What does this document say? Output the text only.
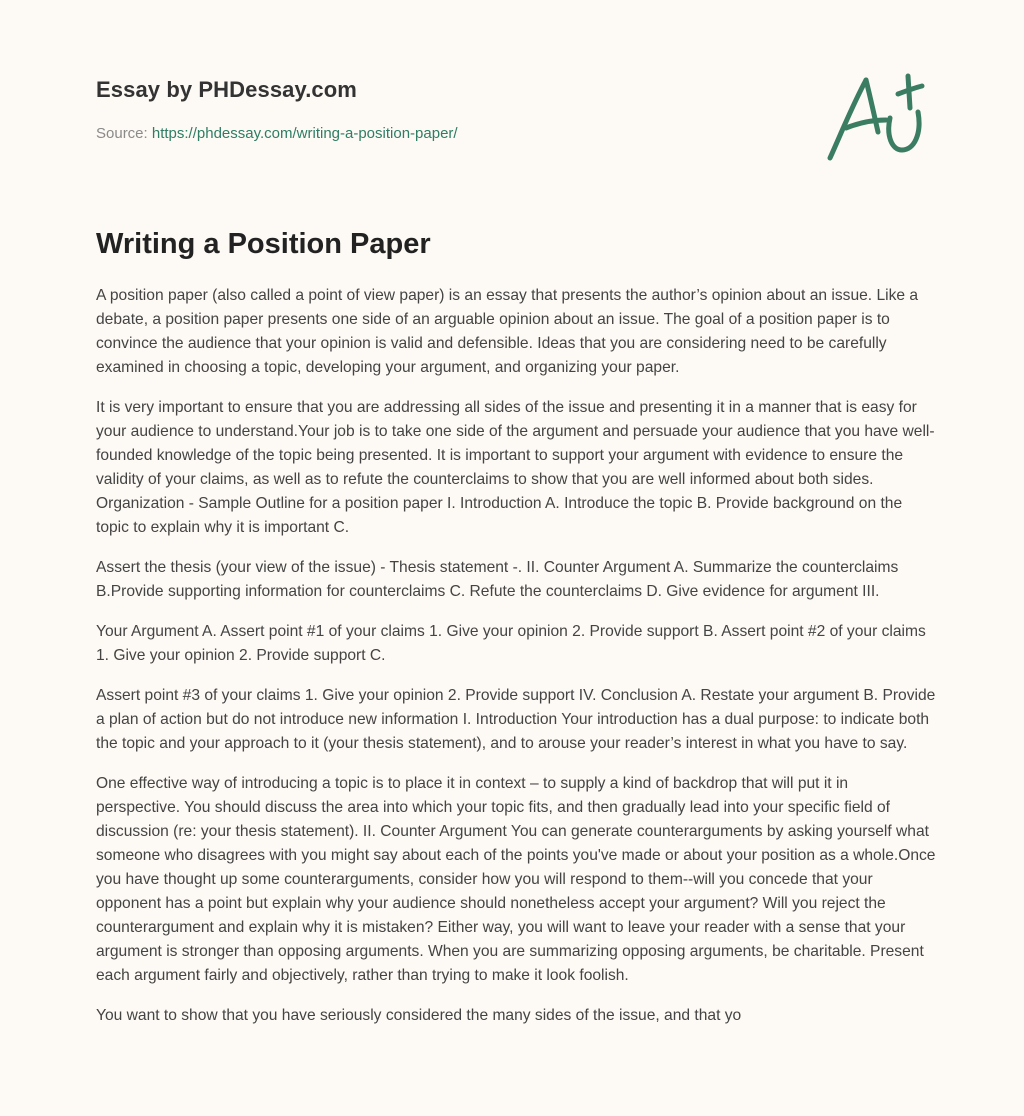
Essay by PHDessay.com
Source: https://phdessay.com/writing-a-position-paper/
Writing a Position Paper

A position paper (also called a point of view paper) is an essay that presents the author’s opinion about an issue. Like a debate, a position paper presents one side of an arguable opinion about an issue. The goal of a position paper is to convince the audience that your opinion is valid and defensible. Ideas that you are considering need to be carefully examined in choosing a topic, developing your argument, and organizing your paper.

It is very important to ensure that you are addressing all sides of the issue and presenting it in a manner that is easy for your audience to understand.Your job is to take one side of the argument and persuade your audience that you have well-founded knowledge of the topic being presented. It is important to support your argument with evidence to ensure the validity of your claims, as well as to refute the counterclaims to show that you are well informed about both sides. Organization - Sample Outline for a position paper I. Introduction A. Introduce the topic B. Provide background on the topic to explain why it is important C.

Assert the thesis (your view of the issue) - Thesis statement -. II. Counter Argument A. Summarize the counterclaims B.Provide supporting information for counterclaims C. Refute the counterclaims D. Give evidence for argument III.

Your Argument A. Assert point #1 of your claims 1. Give your opinion 2. Provide support B. Assert point #2 of your claims 1. Give your opinion 2. Provide support C.

Assert point #3 of your claims 1. Give your opinion 2. Provide support IV. Conclusion A. Restate your argument B. Provide a plan of action but do not introduce new information I. Introduction Your introduction has a dual purpose: to indicate both the topic and your approach to it (your thesis statement), and to arouse your reader’s interest in what you have to say.

One effective way of introducing a topic is to place it in context – to supply a kind of backdrop that will put it in perspective. You should discuss the area into which your topic fits, and then gradually lead into your specific field of discussion (re: your thesis statement). II. Counter Argument You can generate counterarguments by asking yourself what someone who disagrees with you might say about each of the points you've made or about your position as a whole.Once you have thought up some counterarguments, consider how you will respond to them--will you concede that your opponent has a point but explain why your audience should nonetheless accept your argument? Will you reject the counterargument and explain why it is mistaken? Either way, you will want to leave your reader with a sense that your argument is stronger than opposing arguments. When you are summarizing opposing arguments, be charitable. Present each argument fairly and objectively, rather than trying to make it look foolish.

You want to show that you have seriously considered the many sides of the issue, and that yo
